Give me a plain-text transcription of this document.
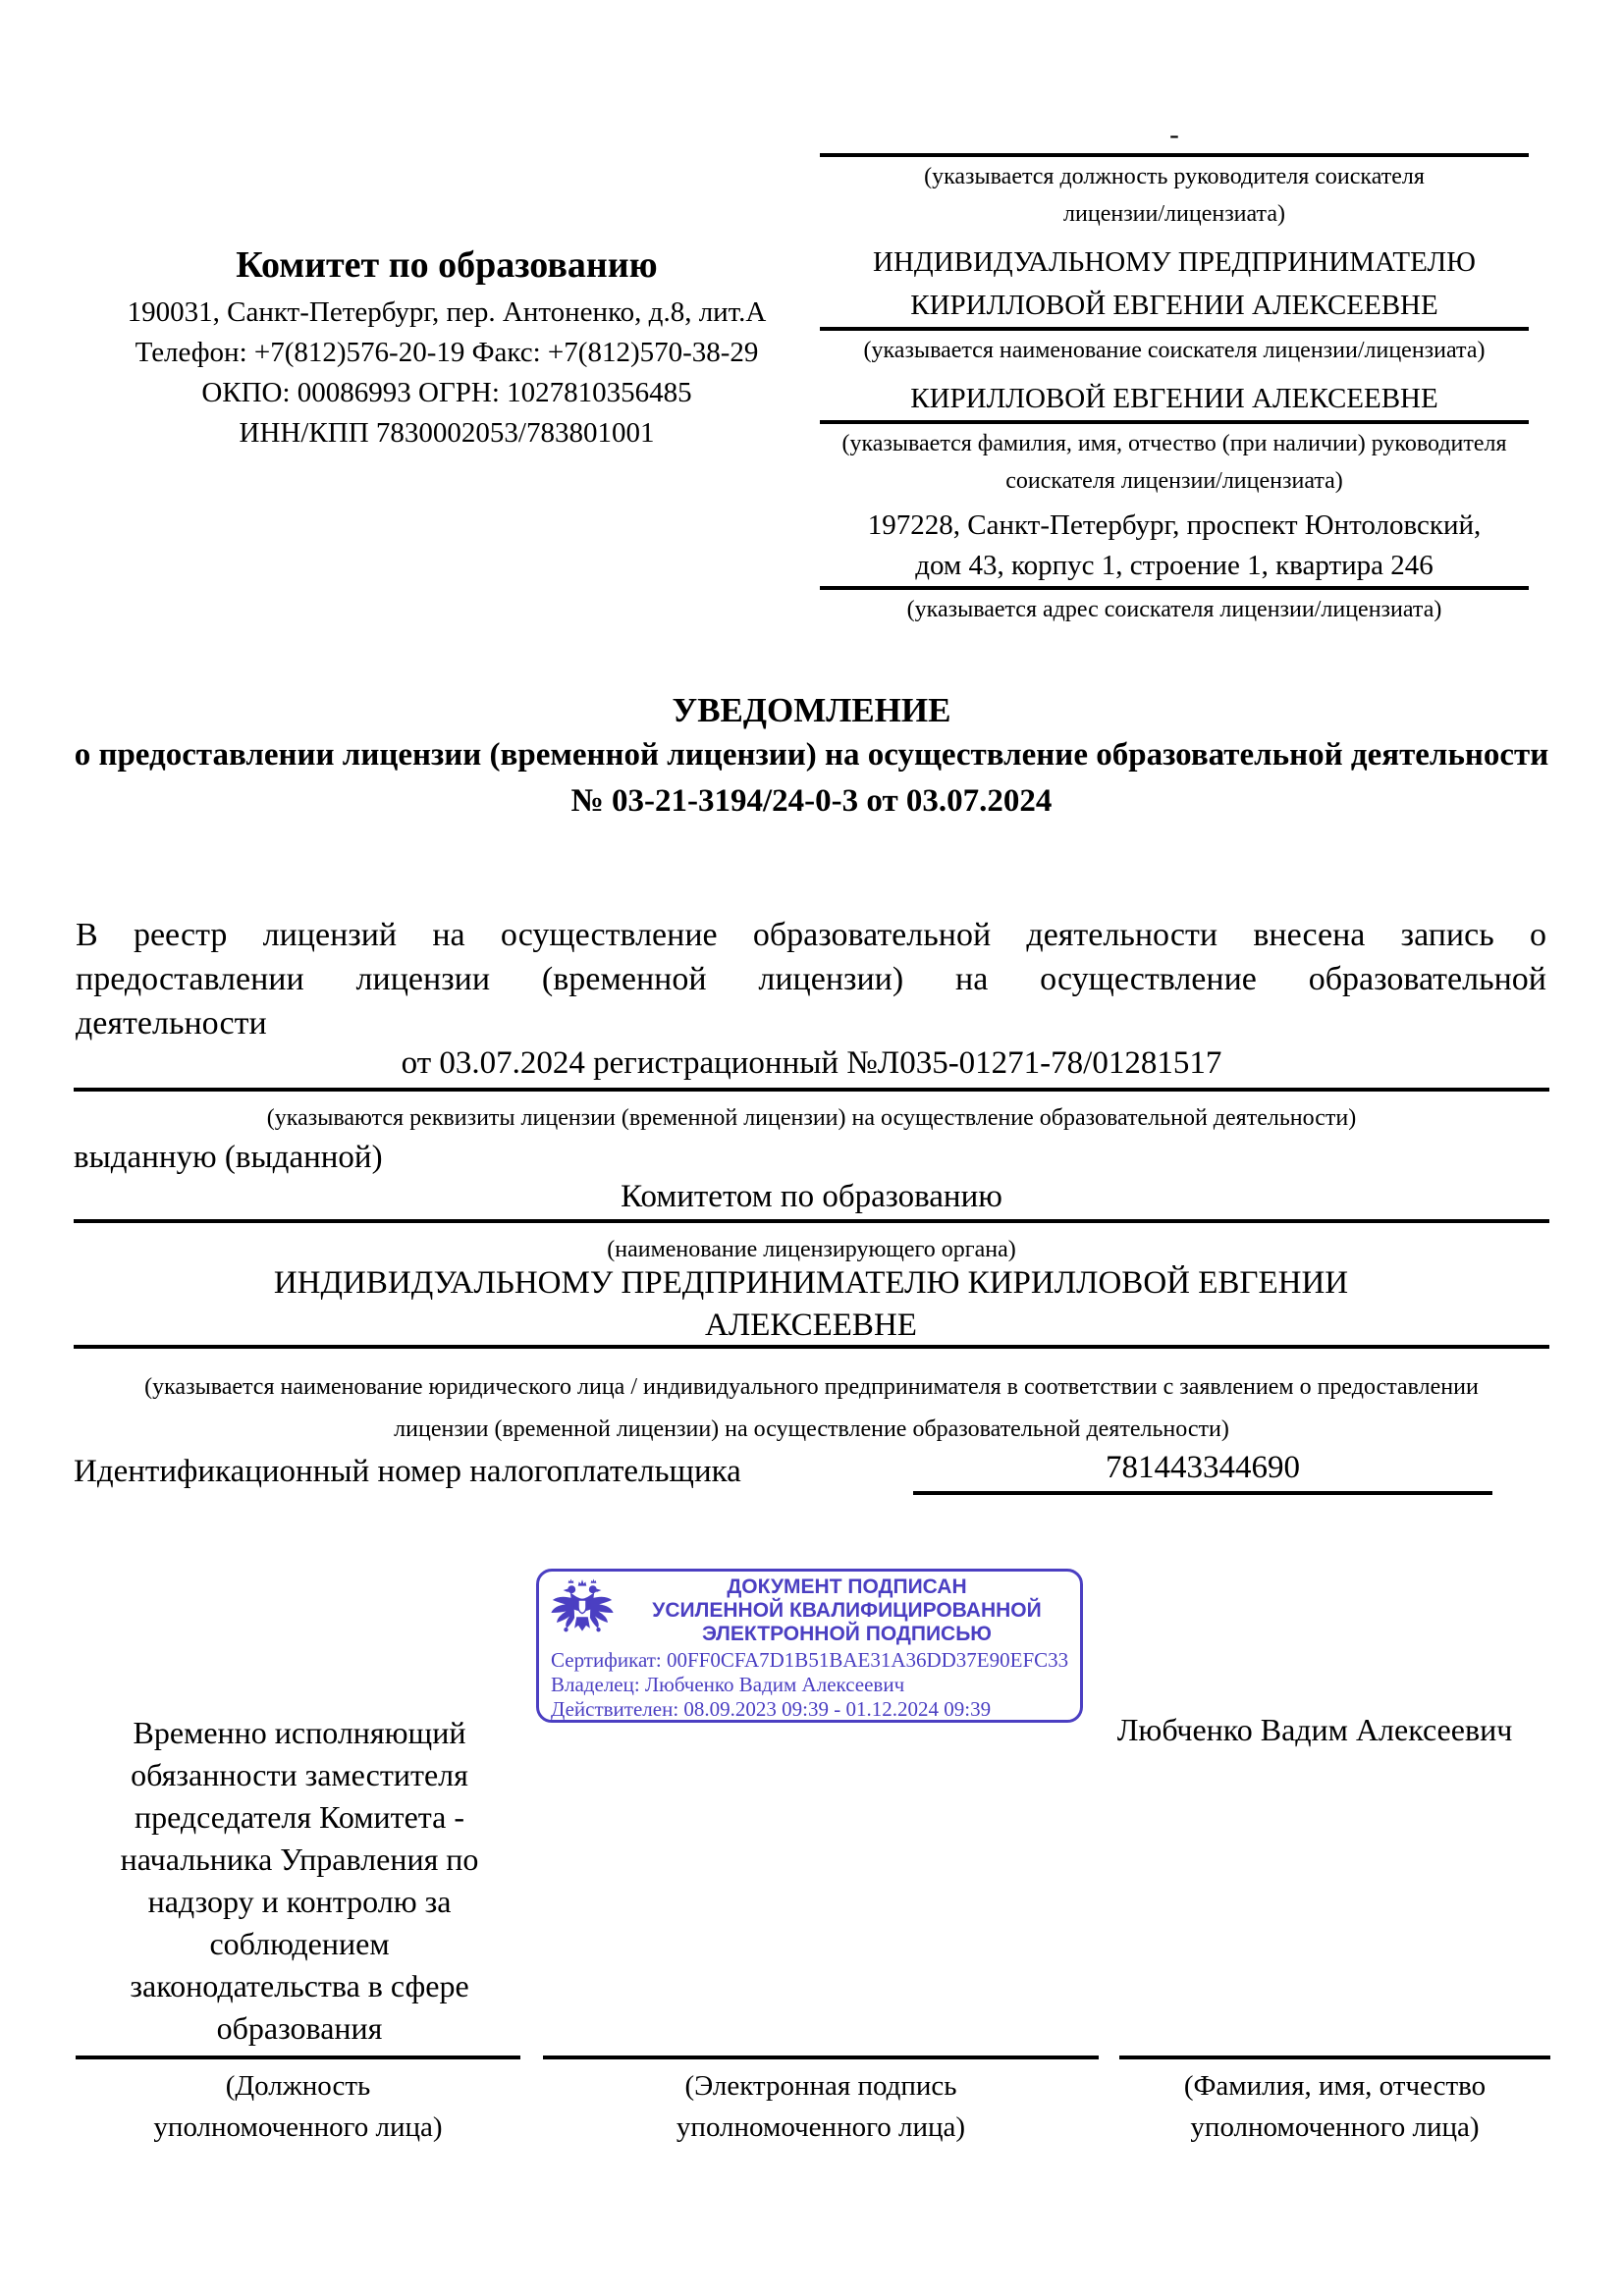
Комитет по образованию
190031, Санкт-Петербург, пер. Антоненко, д.8, лит.А
Телефон: +7(812)576-20-19 Факс: +7(812)570-38-29
ОКПО: 00086993 ОГРН: 1027810356485
ИНН/КПП 7830002053/783801001
-
(указывается должность руководителя соискателя
лицензии/лицензиата)
ИНДИВИДУАЛЬНОМУ ПРЕДПРИНИМАТЕЛЮ КИРИЛЛОВОЙ ЕВГЕНИИ АЛЕКСЕЕВНЕ
(указывается наименование соискателя лицензии/лицензиата)
КИРИЛЛОВОЙ ЕВГЕНИИ АЛЕКСЕЕВНЕ
(указывается фамилия, имя, отчество (при наличии) руководителя
соискателя лицензии/лицензиата)
197228, Санкт-Петербург, проспект Юнтоловский,
дом 43, корпус 1, строение 1, квартира 246
(указывается адрес соискателя лицензии/лицензиата)
УВЕДОМЛЕНИЕ
о предоставлении лицензии (временной лицензии) на осуществление образовательной деятельности
№ 03-21-3194/24-0-3 от 03.07.2024
В реестр лицензий на осуществление образовательной деятельности внесена запись о
предоставлении лицензии (временной лицензии) на осуществление образовательной
деятельности
от 03.07.2024 регистрационный №Л035-01271-78/01281517
(указываются реквизиты лицензии (временной лицензии) на осуществление образовательной деятельности)
выданную (выданной)
Комитетом по образованию
(наименование лицензирующего органа)
ИНДИВИДУАЛЬНОМУ ПРЕДПРИНИМАТЕЛЮ КИРИЛЛОВОЙ ЕВГЕНИИ
АЛЕКСЕЕВНЕ
(указывается наименование юридического лица / индивидуального предпринимателя в соответствии с заявлением о предоставлении
лицензии (временной лицензии) на осуществление образовательной деятельности)
Идентификационный номер налогоплательщика	781443344690
ДОКУМЕНТ ПОДПИСАН
УСИЛЕННОЙ КВАЛИФИЦИРОВАННОЙ
ЭЛЕКТРОННОЙ ПОДПИСЬЮ
Сертификат: 00FF0CFA7D1B51BAE31A36DD37E90EFC33
Владелец: Любченко Вадим Алексеевич
Действителен: 08.09.2023 09:39 - 01.12.2024 09:39
Временно исполняющий
обязанности заместителя
председателя Комитета -
начальника Управления по
надзору и контролю за
соблюдением
законодательства в сфере
образования
Любченко Вадим Алексеевич
(Должность
уполномоченного лица)
(Электронная подпись
уполномоченного лица)
(Фамилия, имя, отчество
уполномоченного лица)
